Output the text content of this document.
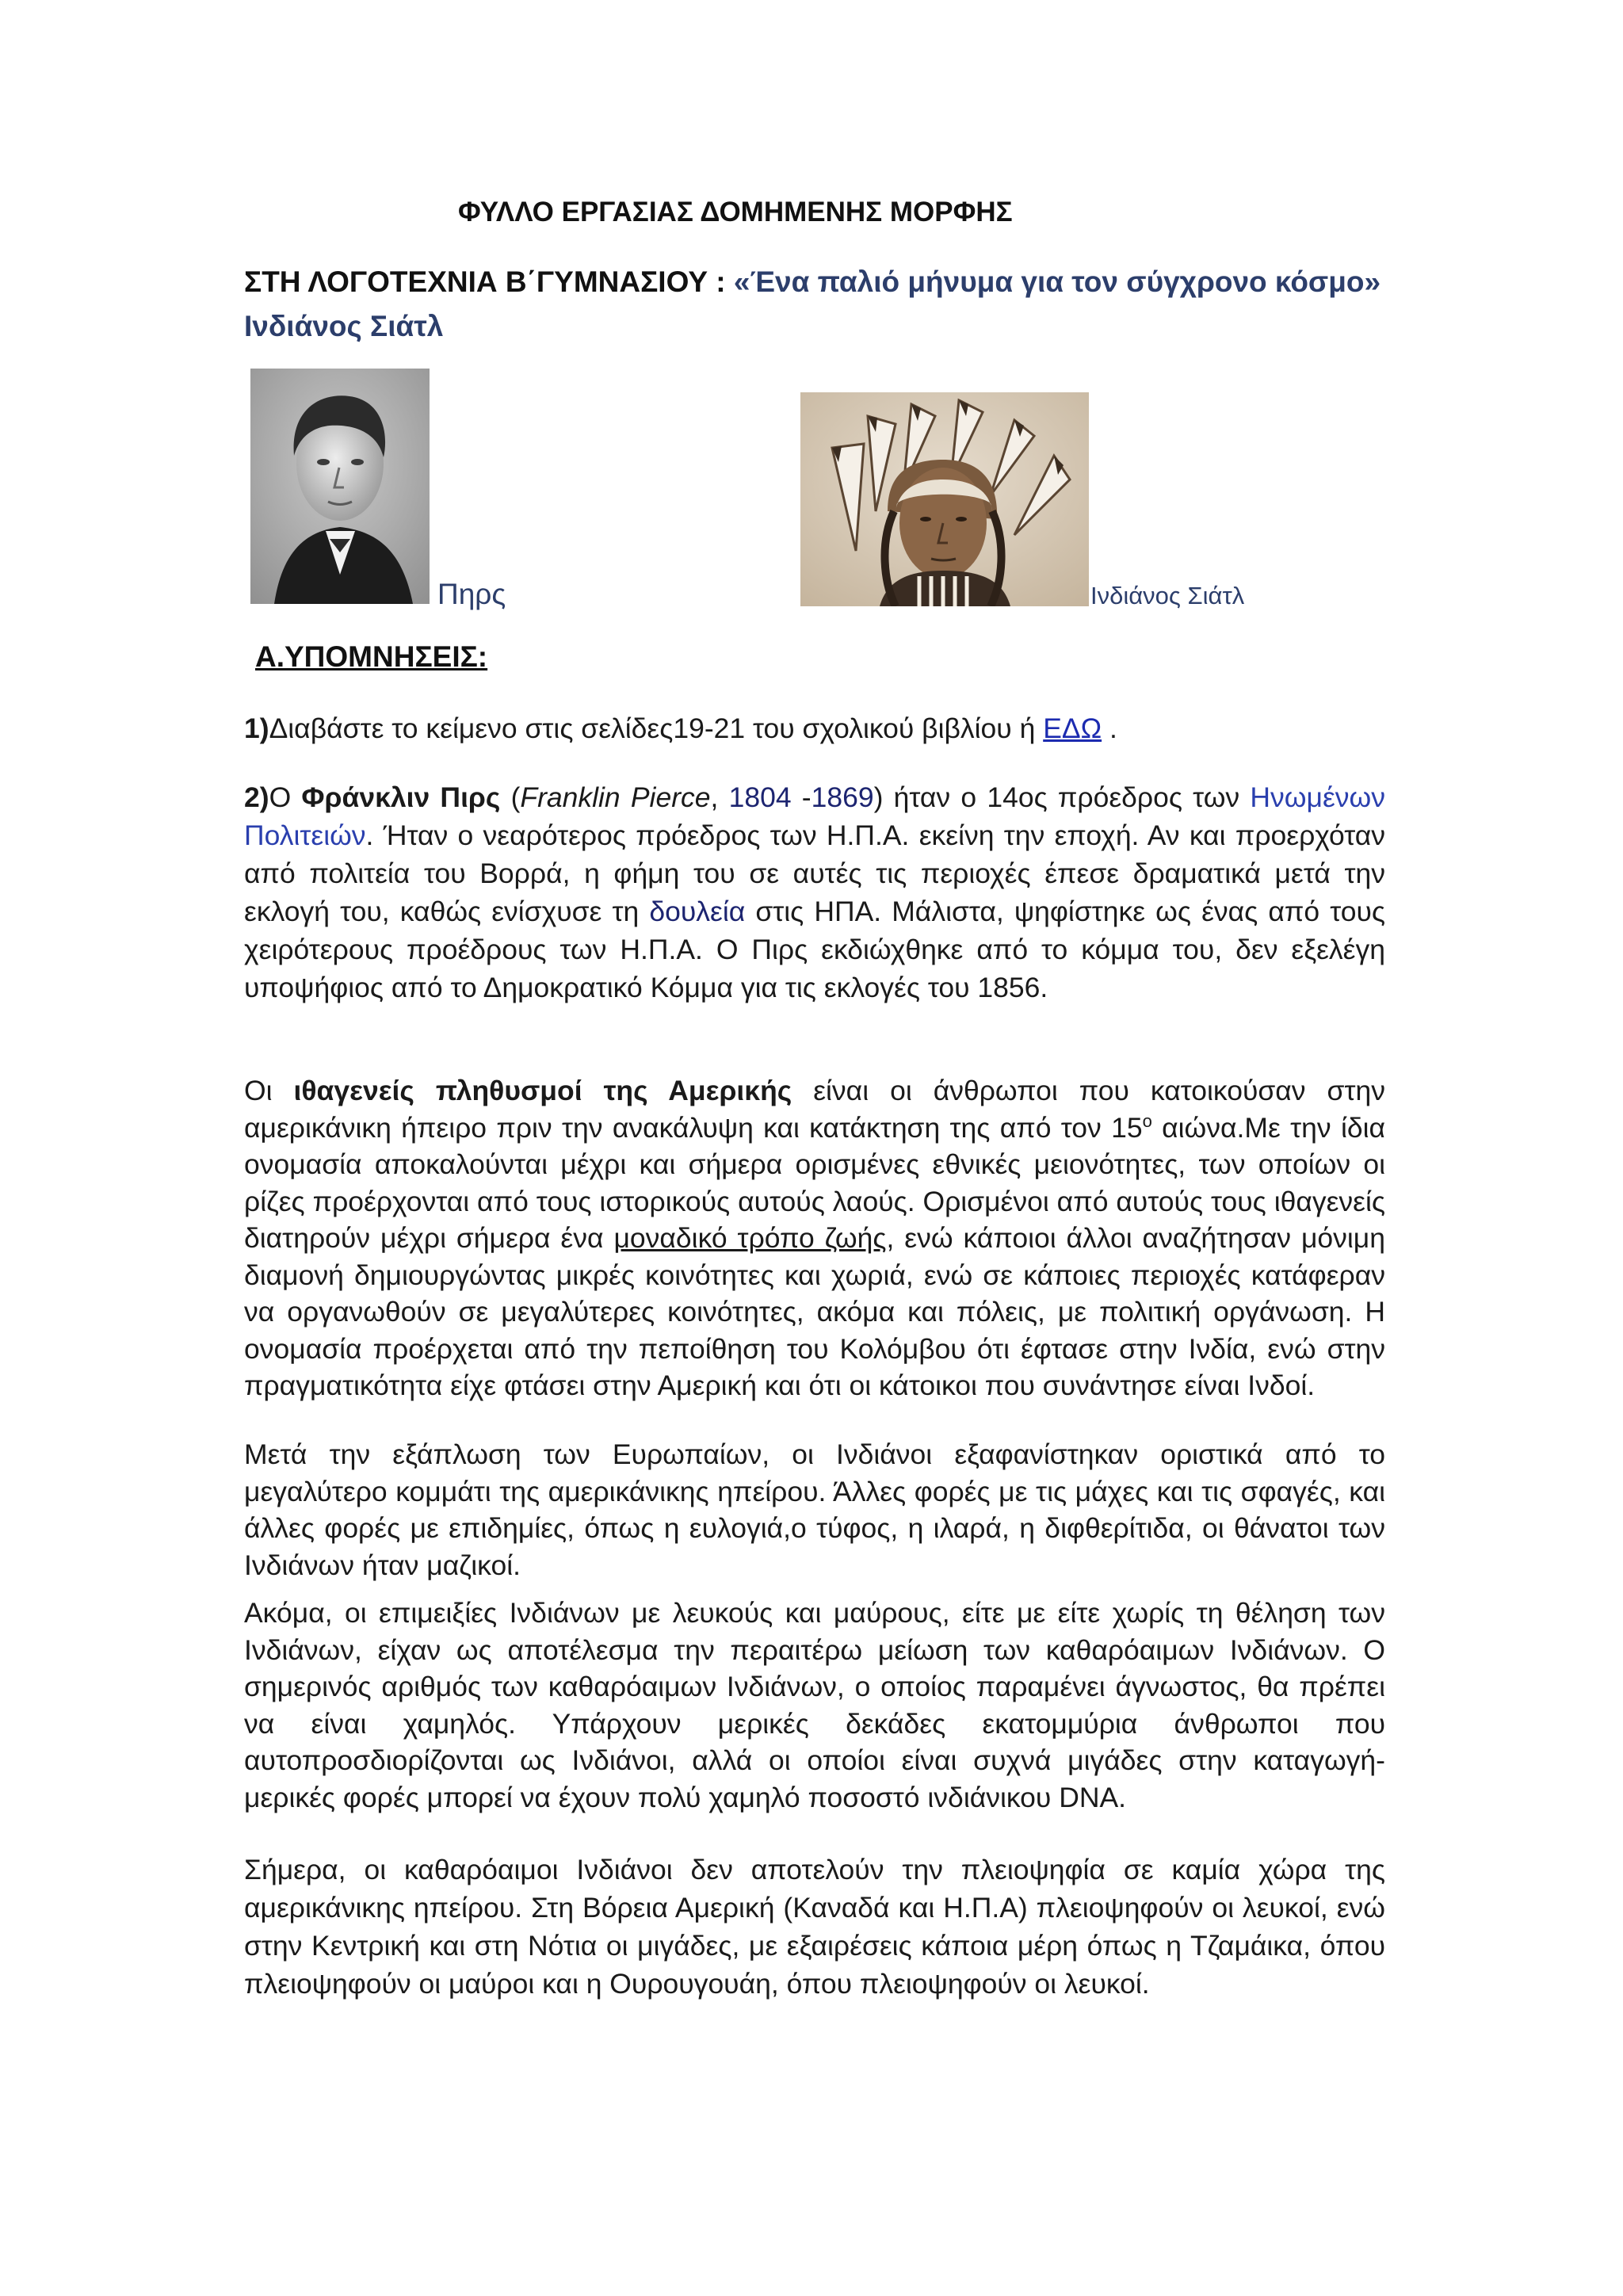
ΦΥΛΛΟ ΕΡΓΑΣΙΑΣ ΔΟΜΗΜΕΝΗΣ ΜΟΡΦΗΣ
ΣΤΗ ΛΟΓΟΤΕΧΝΙΑ Β΄ΓΥΜΝΑΣΙΟΥ : «Ένα παλιό μήνυμα για τον σύγχρονο κόσμο» Ινδιάνος Σιάτλ
Πηρς	Ινδιάνος Σιάτλ
Α.ΥΠΟΜΝΗΣΕΙΣ:
1)Διαβάστε το κείμενο στις σελίδες19-21 του σχολικού βιβλίου ή ΕΔΩ .
2)Ο Φράνκλιν Πιρς (Franklin Pierce, 1804 -1869) ήταν ο 14ος πρόεδρος των Ηνωμένων Πολιτειών. Ήταν ο νεαρότερος πρόεδρος των Η.Π.Α. εκείνη την εποχή. Αν και προερχόταν από πολιτεία του Βορρά, η φήμη του σε αυτές τις περιοχές έπεσε δραματικά μετά την εκλογή του, καθώς ενίσχυσε τη δουλεία στις ΗΠΑ. Μάλιστα, ψηφίστηκε ως ένας από τους χειρότερους προέδρους των Η.Π.Α. Ο Πιρς εκδιώχθηκε από το κόμμα του, δεν εξελέγη υποψήφιος από το Δημοκρατικό Κόμμα για τις εκλογές του 1856.
Οι ιθαγενείς πληθυσμοί της Αμερικής είναι οι άνθρωποι που κατοικούσαν στην αμερικάνικη ήπειρο πριν την ανακάλυψη και κατάκτηση της από τον $15^o$ αιώνα.Με την ίδια ονομασία αποκαλούνται μέχρι και σήμερα ορισμένες εθνικές μειονότητες, των οποίων οι ρίζες προέρχονται από τους ιστορικούς αυτούς λαούς. Ορισμένοι από αυτούς τους ιθαγενείς διατηρούν μέχρι σήμερα ένα μοναδικό τρόπο ζωής, ενώ κάποιοι άλλοι αναζήτησαν μόνιμη διαμονή δημιουργώντας μικρές κοινότητες και χωριά, ενώ σε κάποιες περιοχές κατάφεραν να οργανωθούν σε μεγαλύτερες κοινότητες, ακόμα και πόλεις, με πολιτική οργάνωση. Η ονομασία προέρχεται από την πεποίθηση του Κολόμβου ότι έφτασε στην Ινδία, ενώ στην πραγματικότητα είχε φτάσει στην Αμερική και ότι οι κάτοικοι που συνάντησε είναι Ινδοί.
Μετά την εξάπλωση των Ευρωπαίων, οι Ινδιάνοι εξαφανίστηκαν οριστικά από το μεγαλύτερο κομμάτι της αμερικάνικης ηπείρου. Άλλες φορές με τις μάχες και τις σφαγές, και άλλες φορές με επιδημίες, όπως η ευλογιά,ο τύφος, η ιλαρά, η διφθερίτιδα, οι θάνατοι των Ινδιάνων ήταν μαζικοί.
Ακόμα, οι επιμειξίες Ινδιάνων με λευκούς και μαύρους, είτε με είτε χωρίς τη θέληση των Ινδιάνων, είχαν ως αποτέλεσμα την περαιτέρω μείωση των καθαρόαιμων Ινδιάνων. Ο σημερινός αριθμός των καθαρόαιμων Ινδιάνων, ο οποίος παραμένει άγνωστος, θα πρέπει να είναι χαμηλός. Υπάρχουν μερικές δεκάδες εκατομμύρια άνθρωποι που αυτοπροσδιορίζονται ως Ινδιάνοι, αλλά οι οποίοι είναι συχνά μιγάδες στην καταγωγή- μερικές φορές μπορεί να έχουν πολύ χαμηλό ποσοστό ινδιάνικου DNA.
Σήμερα, οι καθαρόαιμοι Ινδιάνοι δεν αποτελούν την πλειοψηφία σε καμία χώρα της αμερικάνικης ηπείρου. Στη Βόρεια Αμερική (Καναδά και Η.Π.Α) πλειοψηφούν οι λευκοί, ενώ στην Κεντρική και στη Νότια οι μιγάδες, με εξαιρέσεις κάποια μέρη όπως η Τζαμάικα, όπου πλειοψηφούν οι μαύροι και η Ουρουγουάη, όπου πλειοψηφούν οι λευκοί.
